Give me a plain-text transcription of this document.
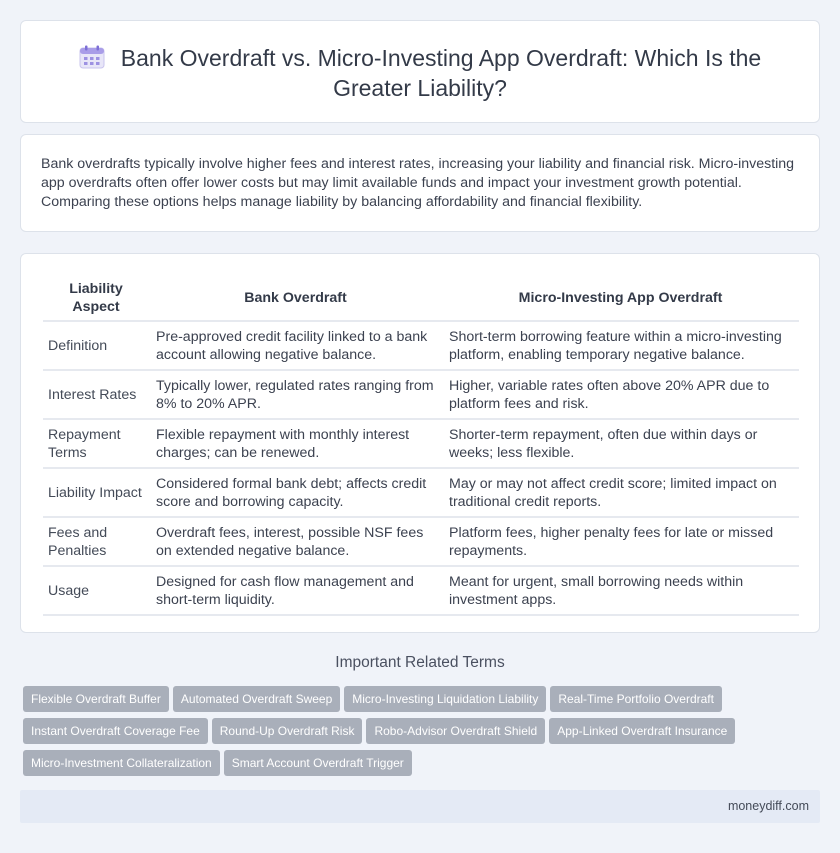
Bank Overdraft vs. Micro-Investing App Overdraft: Which Is the Greater Liability?

Bank overdrafts typically involve higher fees and interest rates, increasing your liability and financial risk. Micro-investing app overdrafts often offer lower costs but may limit available funds and impact your investment growth potential. Comparing these options helps manage liability by balancing affordability and financial flexibility.

Liability Aspect	Bank Overdraft	Micro-Investing App Overdraft
Definition	Pre-approved credit facility linked to a bank account allowing negative balance.	Short-term borrowing feature within a micro-investing platform, enabling temporary negative balance.
Interest Rates	Typically lower, regulated rates ranging from 8% to 20% APR.	Higher, variable rates often above 20% APR due to platform fees and risk.
Repayment Terms	Flexible repayment with monthly interest charges; can be renewed.	Shorter-term repayment, often due within days or weeks; less flexible.
Liability Impact	Considered formal bank debt; affects credit score and borrowing capacity.	May or may not affect credit score; limited impact on traditional credit reports.
Fees and Penalties	Overdraft fees, interest, possible NSF fees on extended negative balance.	Platform fees, higher penalty fees for late or missed repayments.
Usage	Designed for cash flow management and short-term liquidity.	Meant for urgent, small borrowing needs within investment apps.
Important Related Terms
Flexible Overdraft Buffer Automated Overdraft Sweep Micro-Investing Liquidation Liability Real-Time Portfolio Overdraft
Instant Overdraft Coverage Fee Round-Up Overdraft Risk Robo-Advisor Overdraft Shield App-Linked Overdraft Insurance
Micro-Investment Collateralization Smart Account Overdraft Trigger
moneydiff.com
